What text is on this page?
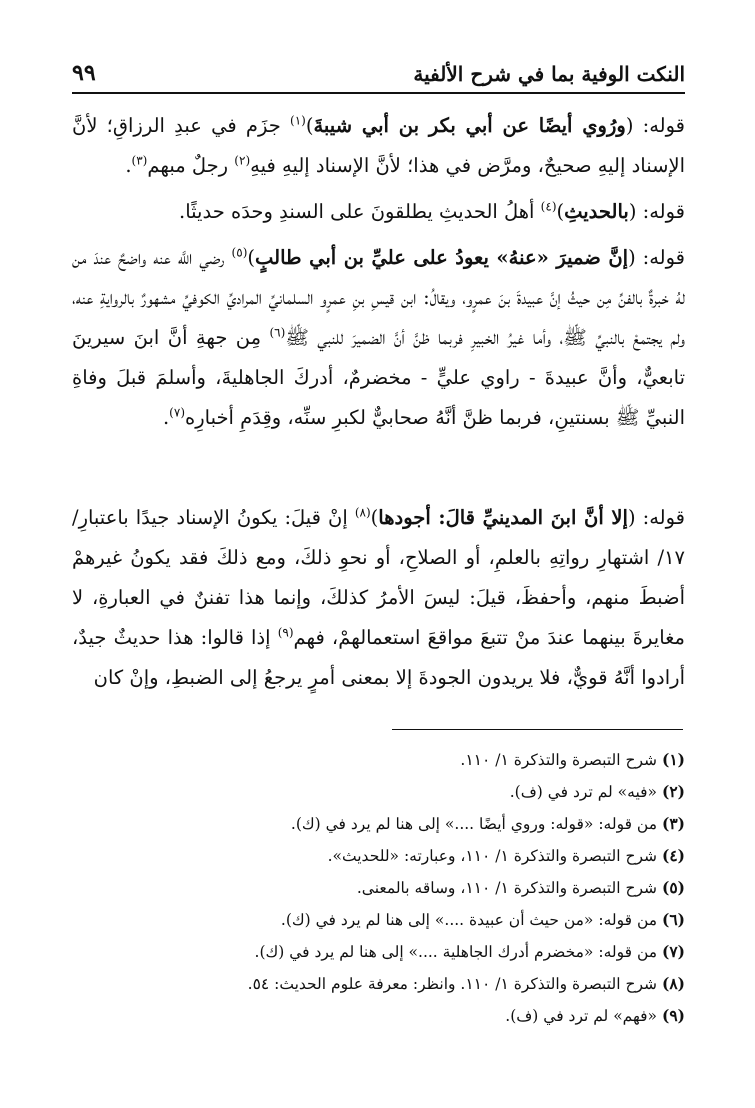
النكت الوفية بما في شرح الألفية
٩٩

قوله: (ورُوي أيضًا عن أبي بكر بن أبي شيبةَ)$^{(١)}$ جزَم في عبدِ الرزاقِ؛ لأنَّ الإسناد إليهِ صحيحٌ، ومرَّض في هذا؛ لأنَّ الإسناد إليهِ فيهِ$^{(٢)}$ رجلٌ مبهم$^{(٣)}$.

قوله: (بالحديثِ)$^{(٤)}$ أهلُ الحديثِ يطلقونَ على السندِ وحدَه حديثًا.

قوله: (إنَّ ضميرَ «عنهُ» يعودُ على عليِّ بن أبي طالبٍ)$^{(٥)}$ رضي اللَّه عنه واضحٌ عندَ من لهُ خبرةٌ بالفنِّ مِن حيثُ إنَّ عبيدةَ بنَ عمرٍو، ويقالُ: ابن قيسِ بنِ عمرٍو السلمانيِّ المراديِّ الكوفيِّ مشهورٌ بالروايةِ عنه، ولم يجتمعْ بالنبيِّ ﷺ، وأما غيرُ الخبيرِ فربما ظنَّ أنَّ الضميرَ للنبي ﷺ$^{(٦)}$ مِن جهةِ أنَّ ابنَ سيرينَ تابعيٌّ، وأنَّ عبيدةَ - راوي عليٍّ - مخضرمٌ، أدركَ الجاهليةَ، وأسلمَ قبلَ وفاةِ النبيِّ ﷺ بسنتينِ، فربما ظنَّ أنَّهُ صحابيٌّ لكبرِ سنِّه، وقِدَمِ أخبارِه$^{(٧)}$.

قوله: (إلا أنَّ ابنَ المدينيِّ قالَ: أجودها)$^{(٨)}$ إنْ قيلَ: يكونُ الإسناد جيدًا باعتبارِ/١٧/ اشتهارِ رواتِهِ بالعلمِ، أو الصلاحِ، أو نحوِ ذلكَ، ومع ذلكَ فقد يكونُ غيرهمْ أضبطَ منهم، وأحفظَ، قيلَ: ليسَ الأمرُ كذلكَ، وإنما هذا تفننٌ في العبارةِ، لا مغايرةَ بينهما عندَ منْ تتبعَ مواقعَ استعمالهمْ، فهم$^{(٩)}$ إذا قالوا: هذا حديثٌ جيدٌ، أرادوا أنَّهُ قويٌّ، فلا يريدون الجودةَ إلا بمعنى أمرٍ يرجعُ إلى الضبطِ، وإنْ كان

(١) شرح التبصرة والتذكرة ١/ ١١٠.
(٢) «فيه» لم ترد في (ف).
(٣) من قوله: «قوله: وروي أيضًا ....» إلى هنا لم يرد في (ك).
(٤) شرح التبصرة والتذكرة ١/ ١١٠، وعبارته: «للحديث».
(٥) شرح التبصرة والتذكرة ١/ ١١٠، وساقه بالمعنى.
(٦) من قوله: «من حيث أن عبيدة ....» إلى هنا لم يرد في (ك).
(٧) من قوله: «مخضرم أدرك الجاهلية ....» إلى هنا لم يرد في (ك).
(٨) شرح التبصرة والتذكرة ١/ ١١٠. وانظر: معرفة علوم الحديث: ٥٤.
(٩) «فهم» لم ترد في (ف).
